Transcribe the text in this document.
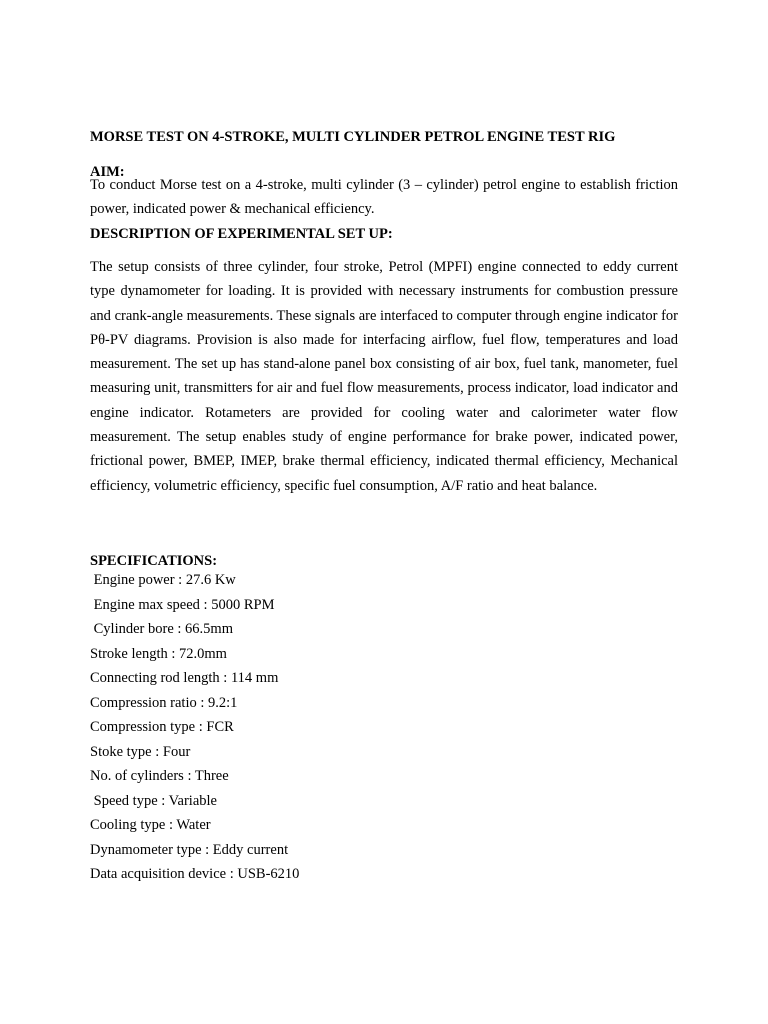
MORSE TEST ON 4-STROKE, MULTI CYLINDER PETROL ENGINE TEST RIG
AIM:

To conduct Morse test on a 4-stroke, multi cylinder (3 – cylinder) petrol engine to establish friction power, indicated power & mechanical efficiency.

DESCRIPTION OF EXPERIMENTAL SET UP:

The setup consists of three cylinder, four stroke, Petrol (MPFI) engine connected to eddy current type dynamometer for loading. It is provided with necessary instruments for combustion pressure and crank-angle measurements. These signals are interfaced to computer through engine indicator for Pθ-PV diagrams. Provision is also made for interfacing airflow, fuel flow, temperatures and load measurement. The set up has stand-alone panel box consisting of air box, fuel tank, manometer, fuel measuring unit, transmitters for air and fuel flow measurements, process indicator, load indicator and engine indicator. Rotameters are provided for cooling water and calorimeter water flow measurement. The setup enables study of engine performance for brake power, indicated power, frictional power, BMEP, IMEP, brake thermal efficiency, indicated thermal efficiency, Mechanical efficiency, volumetric efficiency, specific fuel consumption, A/F ratio and heat balance.

SPECIFICATIONS:
Engine power : 27.6 Kw
Engine max speed : 5000 RPM
Cylinder bore : 66.5mm
Stroke length : 72.0mm
Connecting rod length : 114 mm
Compression ratio : 9.2:1
Compression type : FCR
Stoke type : Four
No. of cylinders : Three
Speed type : Variable
Cooling type : Water
Dynamometer type : Eddy current
Data acquisition device : USB-6210
